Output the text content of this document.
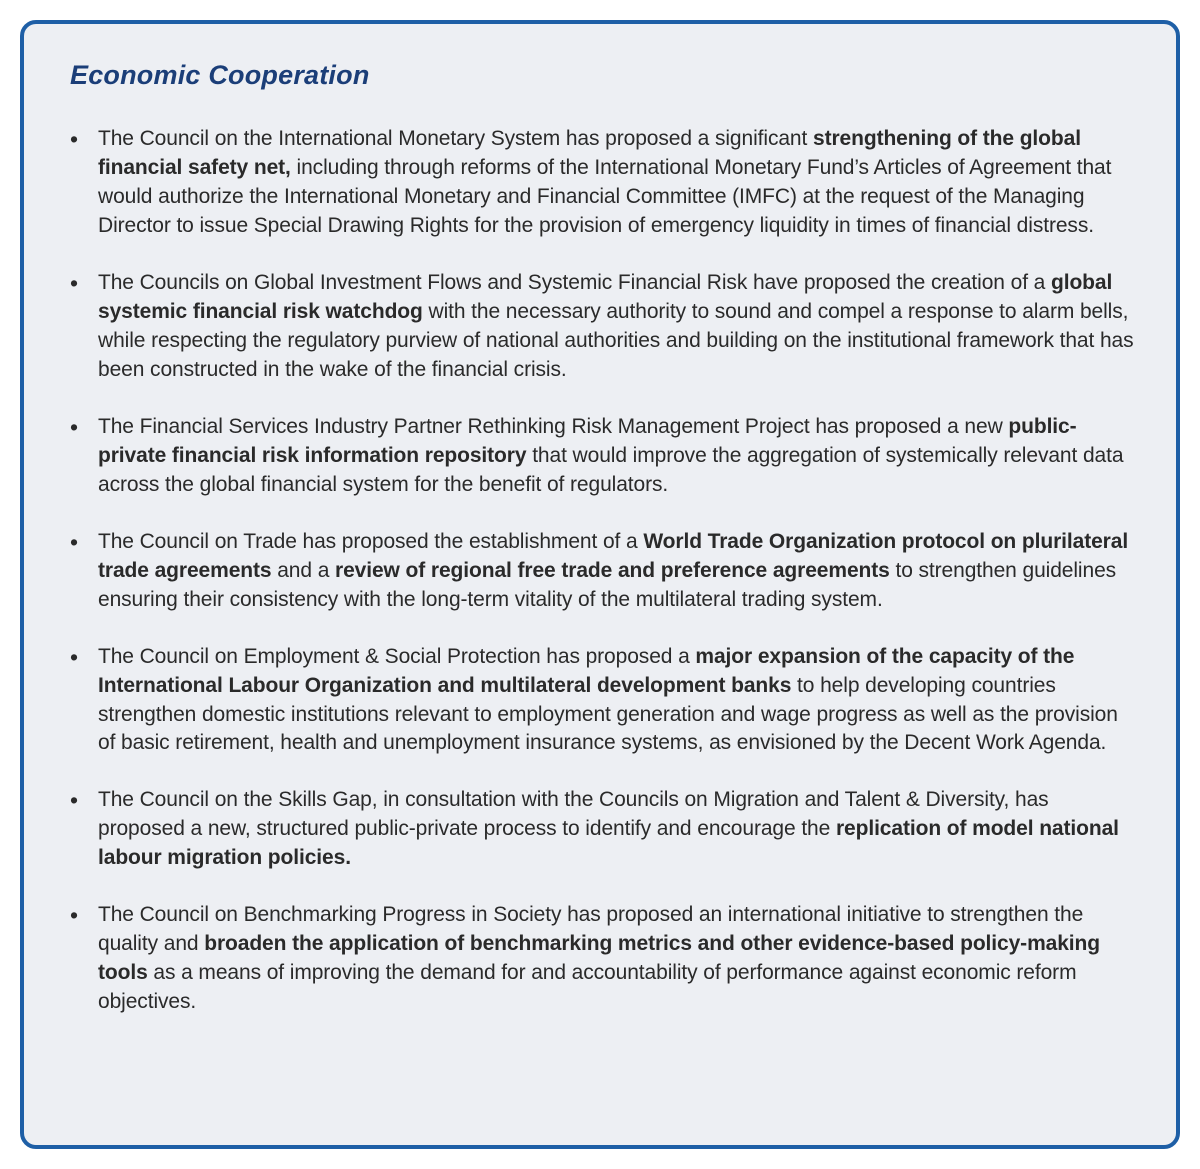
Economic Cooperation
• The Council on the International Monetary System has proposed a significant strengthening of the global financial safety net, including through reforms of the International Monetary Fund’s Articles of Agreement that would authorize the International Monetary and Financial Committee (IMFC) at the request of the Managing Director to issue Special Drawing Rights for the provision of emergency liquidity in times of financial distress.
• The Councils on Global Investment Flows and Systemic Financial Risk have proposed the creation of a global systemic financial risk watchdog with the necessary authority to sound and compel a response to alarm bells, while respecting the regulatory purview of national authorities and building on the institutional framework that has been constructed in the wake of the financial crisis.
• The Financial Services Industry Partner Rethinking Risk Management Project has proposed a new public-private financial risk information repository that would improve the aggregation of systemically relevant data across the global financial system for the benefit of regulators.
• The Council on Trade has proposed the establishment of a World Trade Organization protocol on plurilateral trade agreements and a review of regional free trade and preference agreements to strengthen guidelines ensuring their consistency with the long-term vitality of the multilateral trading system.
• The Council on Employment & Social Protection has proposed a major expansion of the capacity of the International Labour Organization and multilateral development banks to help developing countries strengthen domestic institutions relevant to employment generation and wage progress as well as the provision of basic retirement, health and unemployment insurance systems, as envisioned by the Decent Work Agenda.
• The Council on the Skills Gap, in consultation with the Councils on Migration and Talent & Diversity, has proposed a new, structured public-private process to identify and encourage the replication of model national labour migration policies.
• The Council on Benchmarking Progress in Society has proposed an international initiative to strengthen the quality and broaden the application of benchmarking metrics and other evidence-based policy-making tools as a means of improving the demand for and accountability of performance against economic reform objectives.
